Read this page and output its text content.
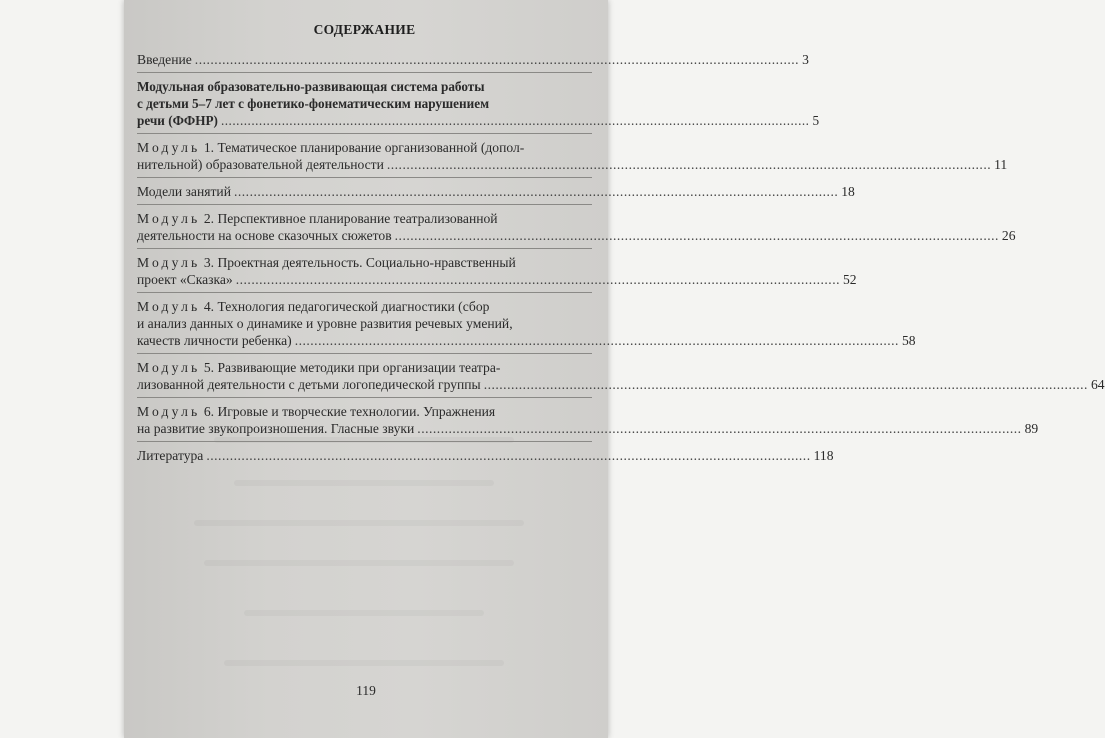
СОДЕРЖАНИЕ
Введение ........................................................................................................................................................... 3
Модульная образовательно-развивающая система работы
с детьми 5–7 лет с фонетико-фонематическим нарушением
речи (ФФНР) ........................................................................................................................................................... 5
Модуль 1. Тематическое планирование организованной (допол-
нительной) образовательной деятельности ........................................................................................................................................................... 11
Модели занятий ........................................................................................................................................................... 18
Модуль 2. Перспективное планирование театрализованной
деятельности на основе сказочных сюжетов ........................................................................................................................................................... 26
Модуль 3. Проектная деятельность. Социально-нравственный
проект «Сказка» ........................................................................................................................................................... 52
Модуль 4. Технология педагогической диагностики (сбор
и анализ данных о динамике и уровне развития речевых умений,
качеств личности ребенка) ........................................................................................................................................................... 58
Модуль 5. Развивающие методики при организации театра-
лизованной деятельности с детьми логопедической группы ........................................................................................................................................................... 64
Модуль 6. Игровые и творческие технологии. Упражнения
на развитие звукопроизношения. Гласные звуки ........................................................................................................................................................... 89
Литература ........................................................................................................................................................... 118
119
